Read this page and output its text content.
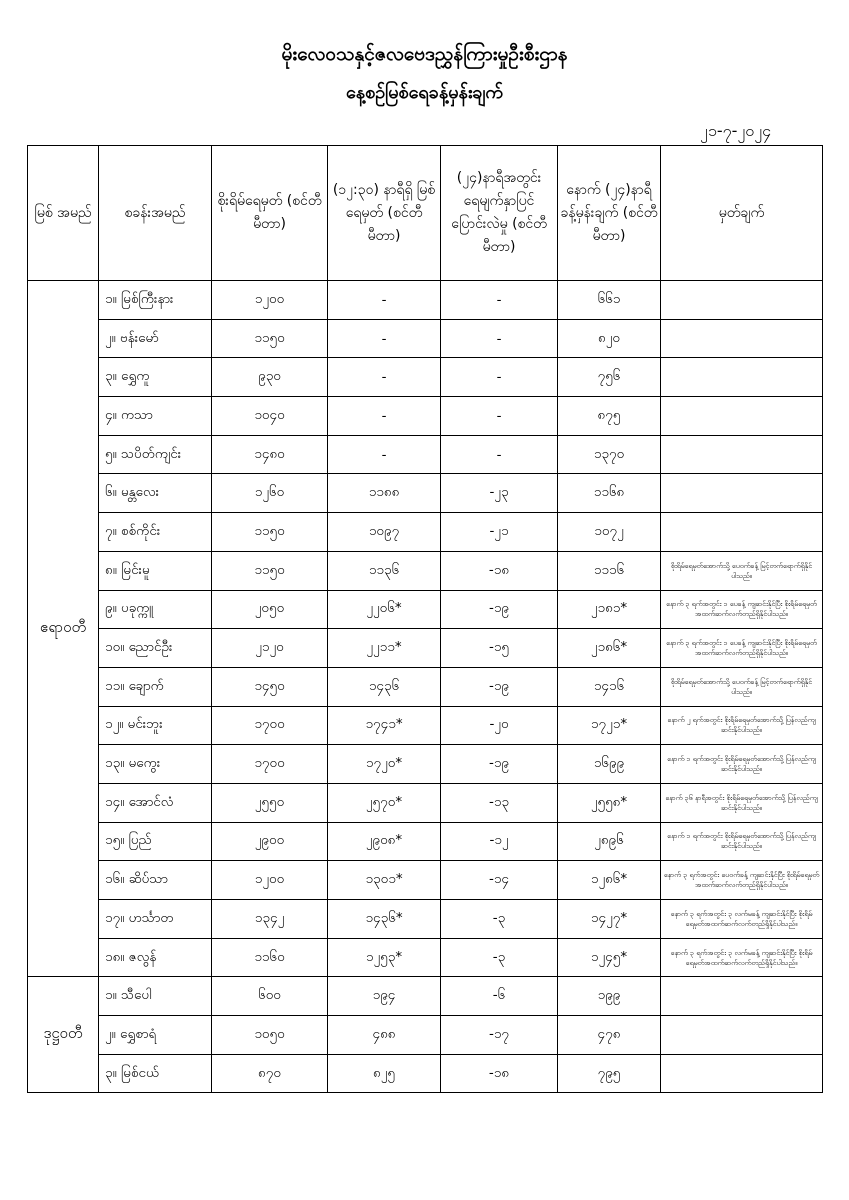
မိုးလေဝသနှင့်ဇလဗေဒညွှန်ကြားမှုဦးစီးဌာန
နေ့စဉ်မြစ်ရေခန့်မှန်းချက်
၂၁-၇-၂၀၂၄
မြစ် အမည်	စခန်းအမည်	စိုးရိမ်ရေမှတ် (စင်တီမီတာ)	(၁၂:၃၀) နာရီရှိ မြစ်ရေမှတ် (စင်တီမီတာ)	(၂၄)နာရီအတွင်း ရေမျက်နှာပြင် ပြောင်းလဲမှု (စင်တီမီတာ)	နောက် (၂၄)နာရီ ခန့်မှန်းချက် (စင်တီမီတာ)	မှတ်ချက်
ဧရာဝတီ	၁။ မြစ်ကြီးနား	၁၂၀၀	-	-	၆၆၁	
	၂။ ဗန်းမော်	၁၁၅၀	-	-	၈၂၀	
	၃။ ရွှေကူ	၉၃၀	-	-	၇၅၆	
	၄။ ကသာ	၁၀၄၀	-	-	၈၇၅	
	၅။ သပိတ်ကျင်း	၁၄၈၀	-	-	၁၃၇၀	
	၆။ မန္တလေး	၁၂၆၀	၁၁၈၈	-၂၃	၁၁၆၈	
	၇။ စစ်ကိုင်း	၁၁၅၀	၁၀၉၇	-၂၁	၁၀၇၂	
	၈။ မြင်းမူ	၁၁၅၀	၁၁၃၆	-၁၈	၁၁၁၆	စိုးရိမ်ရေမှတ်အောက်သို့ ပေ၀က်ခန့် မြင့်တက်ရောက်ရှိနိုင်ပါသည်။
	၉။ ပခုက္ကူ	၂၀၅၀	၂၂၀၆*	-၁၉	၂၁၈၁*	နောက် ၃ ရက်အတွင်း ၁ ပေခန့် ကျဆင်းနိုင်ပြီး စိုးရိမ်ရေမှတ်အထက်ဆက်လက်တည်ရှိနိုင်ပါသည်။
	၁၀။ ညောင်ဦး	၂၁၂၀	၂၂၁၁*	-၁၅	၂၁၈၆*	နောက် ၃ ရက်အတွင်း ၁ ပေခန့် ကျဆင်းနိုင်ပြီး စိုးရိမ်ရေမှတ်အထက်ဆက်လက်တည်ရှိနိုင်ပါသည်။
	၁၁။ ချောက်	၁၄၅၀	၁၄၃၆	-၁၉	၁၄၁၆	စိုးရိမ်ရေမှတ်အောက်သို့ ပေ၀က်ခန့် မြင့်တက်ရောက်ရှိနိုင်ပါသည်။
	၁၂။ မင်းဘူး	၁၇၀၀	၁၇၄၁*	-၂၀	၁၇၂၁*	နောက် ၂ ရက်အတွင်း စိုးရိမ်ရေမှတ်အောက်သို့ ပြန်လည်ကျဆင်းနိုင်ပါသည်။
	၁၃။ မကွေး	၁၇၀၀	၁၇၂၀*	-၁၉	၁၆၉၉	နောက် ၁ ရက်အတွင်း စိုးရိမ်ရေမှတ်အောက်သို့ ပြန်လည်ကျဆင်းနိုင်ပါသည်။
	၁၄။ အောင်လံ	၂၅၅၀	၂၅၇၀*	-၁၃	၂၅၅၈*	နောက် ၃၆ နာရီအတွင်း စိုးရိမ်ရေမှတ်အောက်သို့ ပြန်လည်ကျဆင်းနိုင်ပါသည်။
	၁၅။ ပြည်	၂၉၀၀	၂၉၀၈*	-၁၂	၂၈၉၆	နောက် ၁ ရက်အတွင်း စိုးရိမ်ရေမှတ်အောက်သို့ ပြန်လည်ကျဆင်းနိုင်ပါသည်။
	၁၆။ ဆိပ်သာ	၁၂၀၀	၁၃၀၁*	-၁၄	၁၂၈၆*	နောက် ၃ ရက်အတွင်း ပေ၀က်ခန့် ကျဆင်းနိုင်ပြီး စိုးရိမ်ရေမှတ်အထက်ဆက်လက်တည်ရှိနိုင်ပါသည်။
	၁၇။ ဟင်္သာတ	၁၃၄၂	၁၄၃၆*	-၃	၁၄၂၇*	နောက် ၃ ရက်အတွင်း ၃ လက်မခန့် ကျဆင်းနိုင်ပြီး စိုးရိမ်ရေမှတ်အထက်ဆက်လက်တည်ရှိနိုင်ပါသည်။
	၁၈။ ဇလွန်	၁၁၆၀	၁၂၅၃*	-၃	၁၂၄၅*	နောက် ၃ ရက်အတွင်း ၃ လက်မခန့် ကျဆင်းနိုင်ပြီး စိုးရိမ်ရေမှတ်အထက်ဆက်လက်တည်ရှိနိုင်ပါသည်။
ဒုဋ္ဌဝတီ	၁။ သီပေါ	၆၀၀	၁၉၄	-၆	၁၉၉	
	၂။ ရွှေစာရံ	၁၀၅၀	၄၈၈	-၁၇	၄၇၈	
	၃။ မြစ်ငယ်	၈၇၀	၈၂၅	-၁၈	၇၉၅	
